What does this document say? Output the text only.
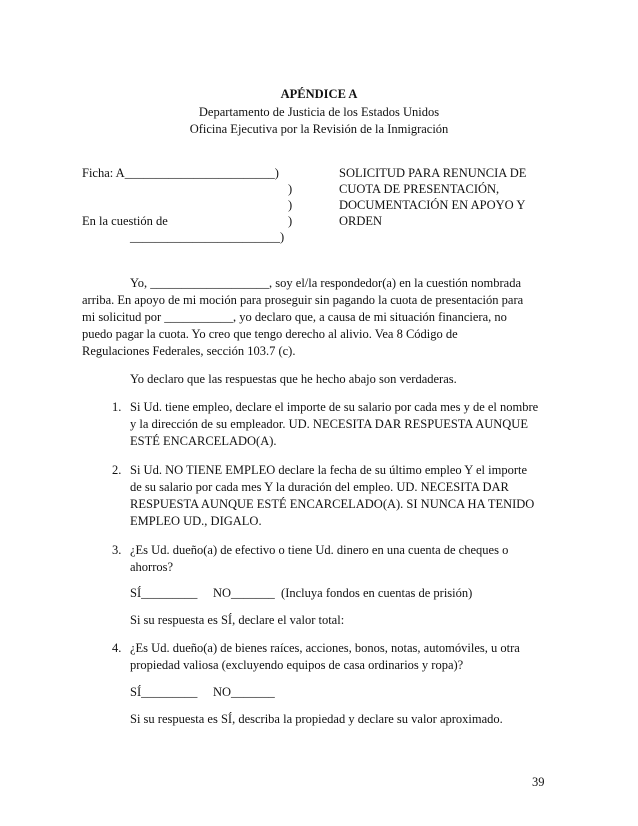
APÉNDICE A
Departamento de Justicia de los Estados Unidos
Oficina Ejecutiva por la Revisión de la Inmigración
Ficha: A________________________)
)
)
En la cuestión de	)
________________________)
SOLICITUD PARA RENUNCIA DE
CUOTA DE PRESENTACIÓN,
DOCUMENTACIÓN EN APOYO Y
ORDEN
Yo, ___________________, soy el/la respondedor(a) en la cuestión nombrada
arriba. En apoyo de mi moción para proseguir sin pagando la cuota de presentación para
mi solicitud por ___________, yo declaro que, a causa de mi situación financiera, no
puedo pagar la cuota. Yo creo que tengo derecho al alivio. Vea 8 Código de
Regulaciones Federales, sección 103.7 (c).
Yo declaro que las respuestas que he hecho abajo son verdaderas.
1. Si Ud. tiene empleo, declare el importe de su salario por cada mes y de el nombre
y la dirección de su empleador. UD. NECESITA DAR RESPUESTA AUNQUE
ESTÉ ENCARCELADO(A).
2. Si Ud. NO TIENE EMPLEO declare la fecha de su último empleo Y el importe
de su salario por cada mes Y la duración del empleo. UD. NECESITA DAR
RESPUESTA AUNQUE ESTÉ ENCARCELADO(A). SI NUNCA HA TENIDO
EMPLEO UD., DIGALO.
3. ¿Es Ud. dueño(a) de efectivo o tiene Ud. dinero en una cuenta de cheques o
ahorros?
SÍ_________     NO_______  (Incluya fondos en cuentas de prisión)
Si su respuesta es SÍ, declare el valor total:
4. ¿Es Ud. dueño(a) de bienes raíces, acciones, bonos, notas, automóviles, u otra
propiedad valiosa (excluyendo equipos de casa ordinarios y ropa)?
SÍ_________     NO_______
Si su respuesta es SÍ, describa la propiedad y declare su valor aproximado.
39
